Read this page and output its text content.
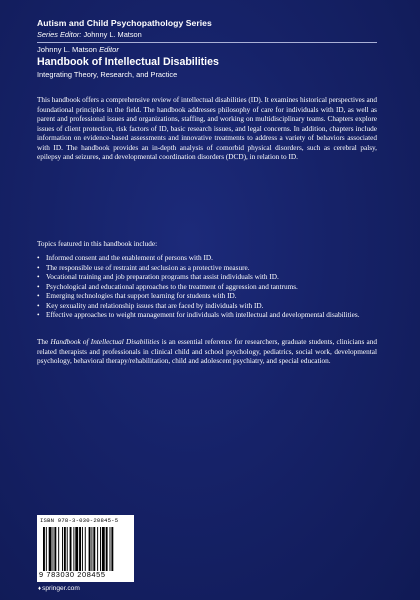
Autism and Child Psychopathology Series
Series Editor: Johnny L. Matson
Johnny L. Matson Editor
Handbook of Intellectual Disabilities
Integrating Theory, Research, and Practice

This handbook offers a comprehensive review of intellectual disabilities (ID). It examines historical perspectives and foundational principles in the field. The handbook addresses philosophy of care for individuals with ID, as well as parent and professional issues and organizations, staffing, and working on multidisciplinary teams. Chapters explore issues of client protection, risk factors of ID, basic research issues, and legal concerns. In addition, chapters include information on evidence-based assessments and innovative treatments to address a variety of behaviors associated with ID. The handbook provides an in-depth analysis of comorbid physical disorders, such as cerebral palsy, epilepsy and seizures, and developmental coordination disorders (DCD), in relation to ID.

Topics featured in this handbook include:
• Informed consent and the enablement of persons with ID.
• The responsible use of restraint and seclusion as a protective measure.
• Vocational training and job preparation programs that assist individuals with ID.
• Psychological and educational approaches to the treatment of aggression and tantrums.
• Emerging technologies that support learning for students with ID.
• Key sexuality and relationship issues that are faced by individuals with ID.
• Effective approaches to weight management for individuals with intellectual and developmental disabilities.
The Handbook of Intellectual Disabilities is an essential reference for researchers, graduate students, clinicians and related therapists and professionals in clinical child and school psychology, pediatrics, social work, developmental psychology, behavioral therapy/rehabilitation, child and adolescent psychiatry, and special education.
ISBN 978-3-030-20845-5
9 783030 208455
♦springer.com
